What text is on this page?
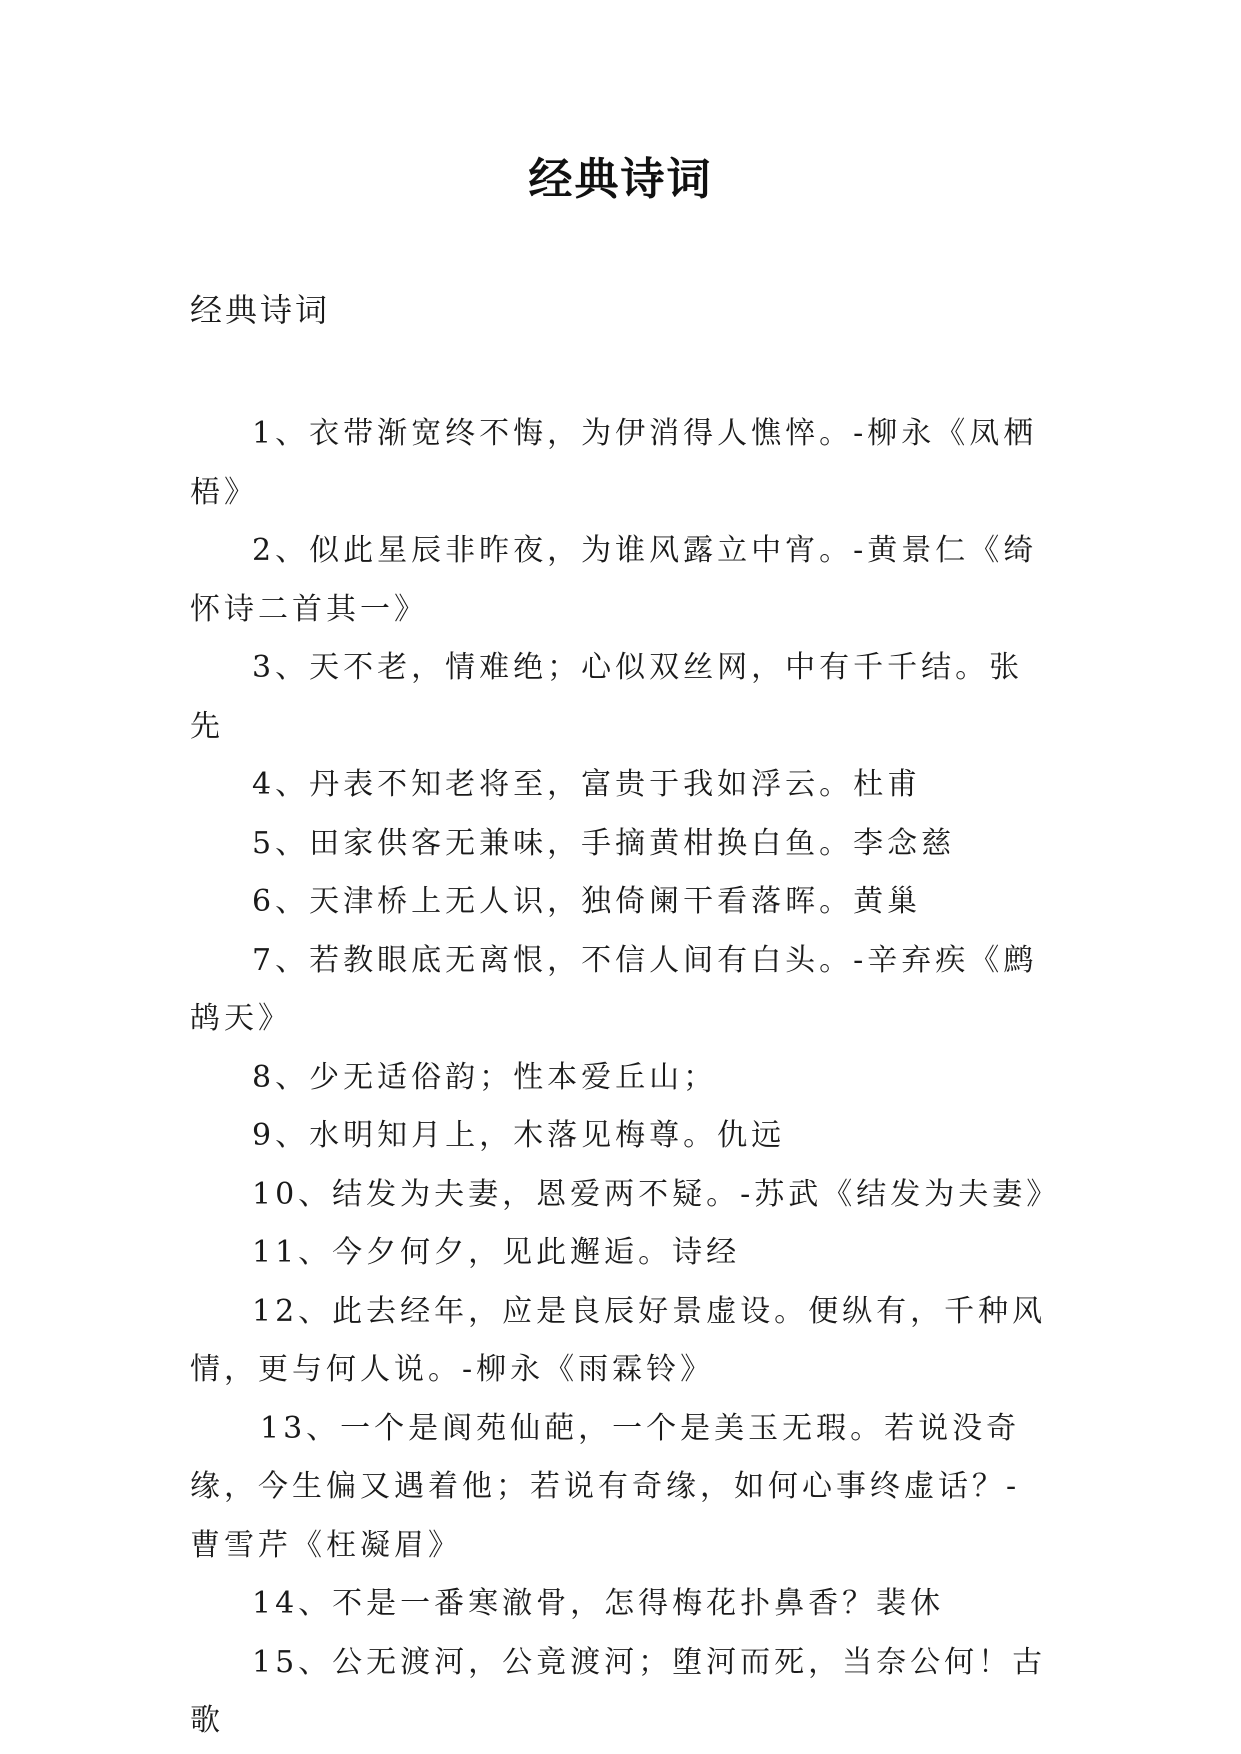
经典诗词
经典诗词

1、衣带渐宽终不悔，为伊消得人憔悴。-柳永《凤栖梧》

2、似此星辰非昨夜，为谁风露立中宵。-黄景仁《绮怀诗二首其一》

3、天不老，情难绝；心似双丝网，中有千千结。张先

4、丹表不知老将至，富贵于我如浮云。杜甫

5、田家供客无兼味，手摘黄柑换白鱼。李念慈

6、天津桥上无人识，独倚阑干看落晖。黄巢

7、若教眼底无离恨，不信人间有白头。-辛弃疾《鹧鸪天》

8、少无适俗韵；性本爱丘山；

9、水明知月上，木落见梅尊。仇远

10、结发为夫妻，恩爱两不疑。-苏武《结发为夫妻》

11、今夕何夕，见此邂逅。诗经

12、此去经年，应是良辰好景虚设。便纵有，千种风情，更与何人说。-柳永《雨霖铃》

13、一个是阆苑仙葩，一个是美玉无瑕。若说没奇缘，今生偏又遇着他；若说有奇缘，如何心事终虚话？-曹雪芹《枉凝眉》

14、不是一番寒澈骨，怎得梅花扑鼻香？裴休

15、公无渡河，公竟渡河；堕河而死，当奈公何！古歌
